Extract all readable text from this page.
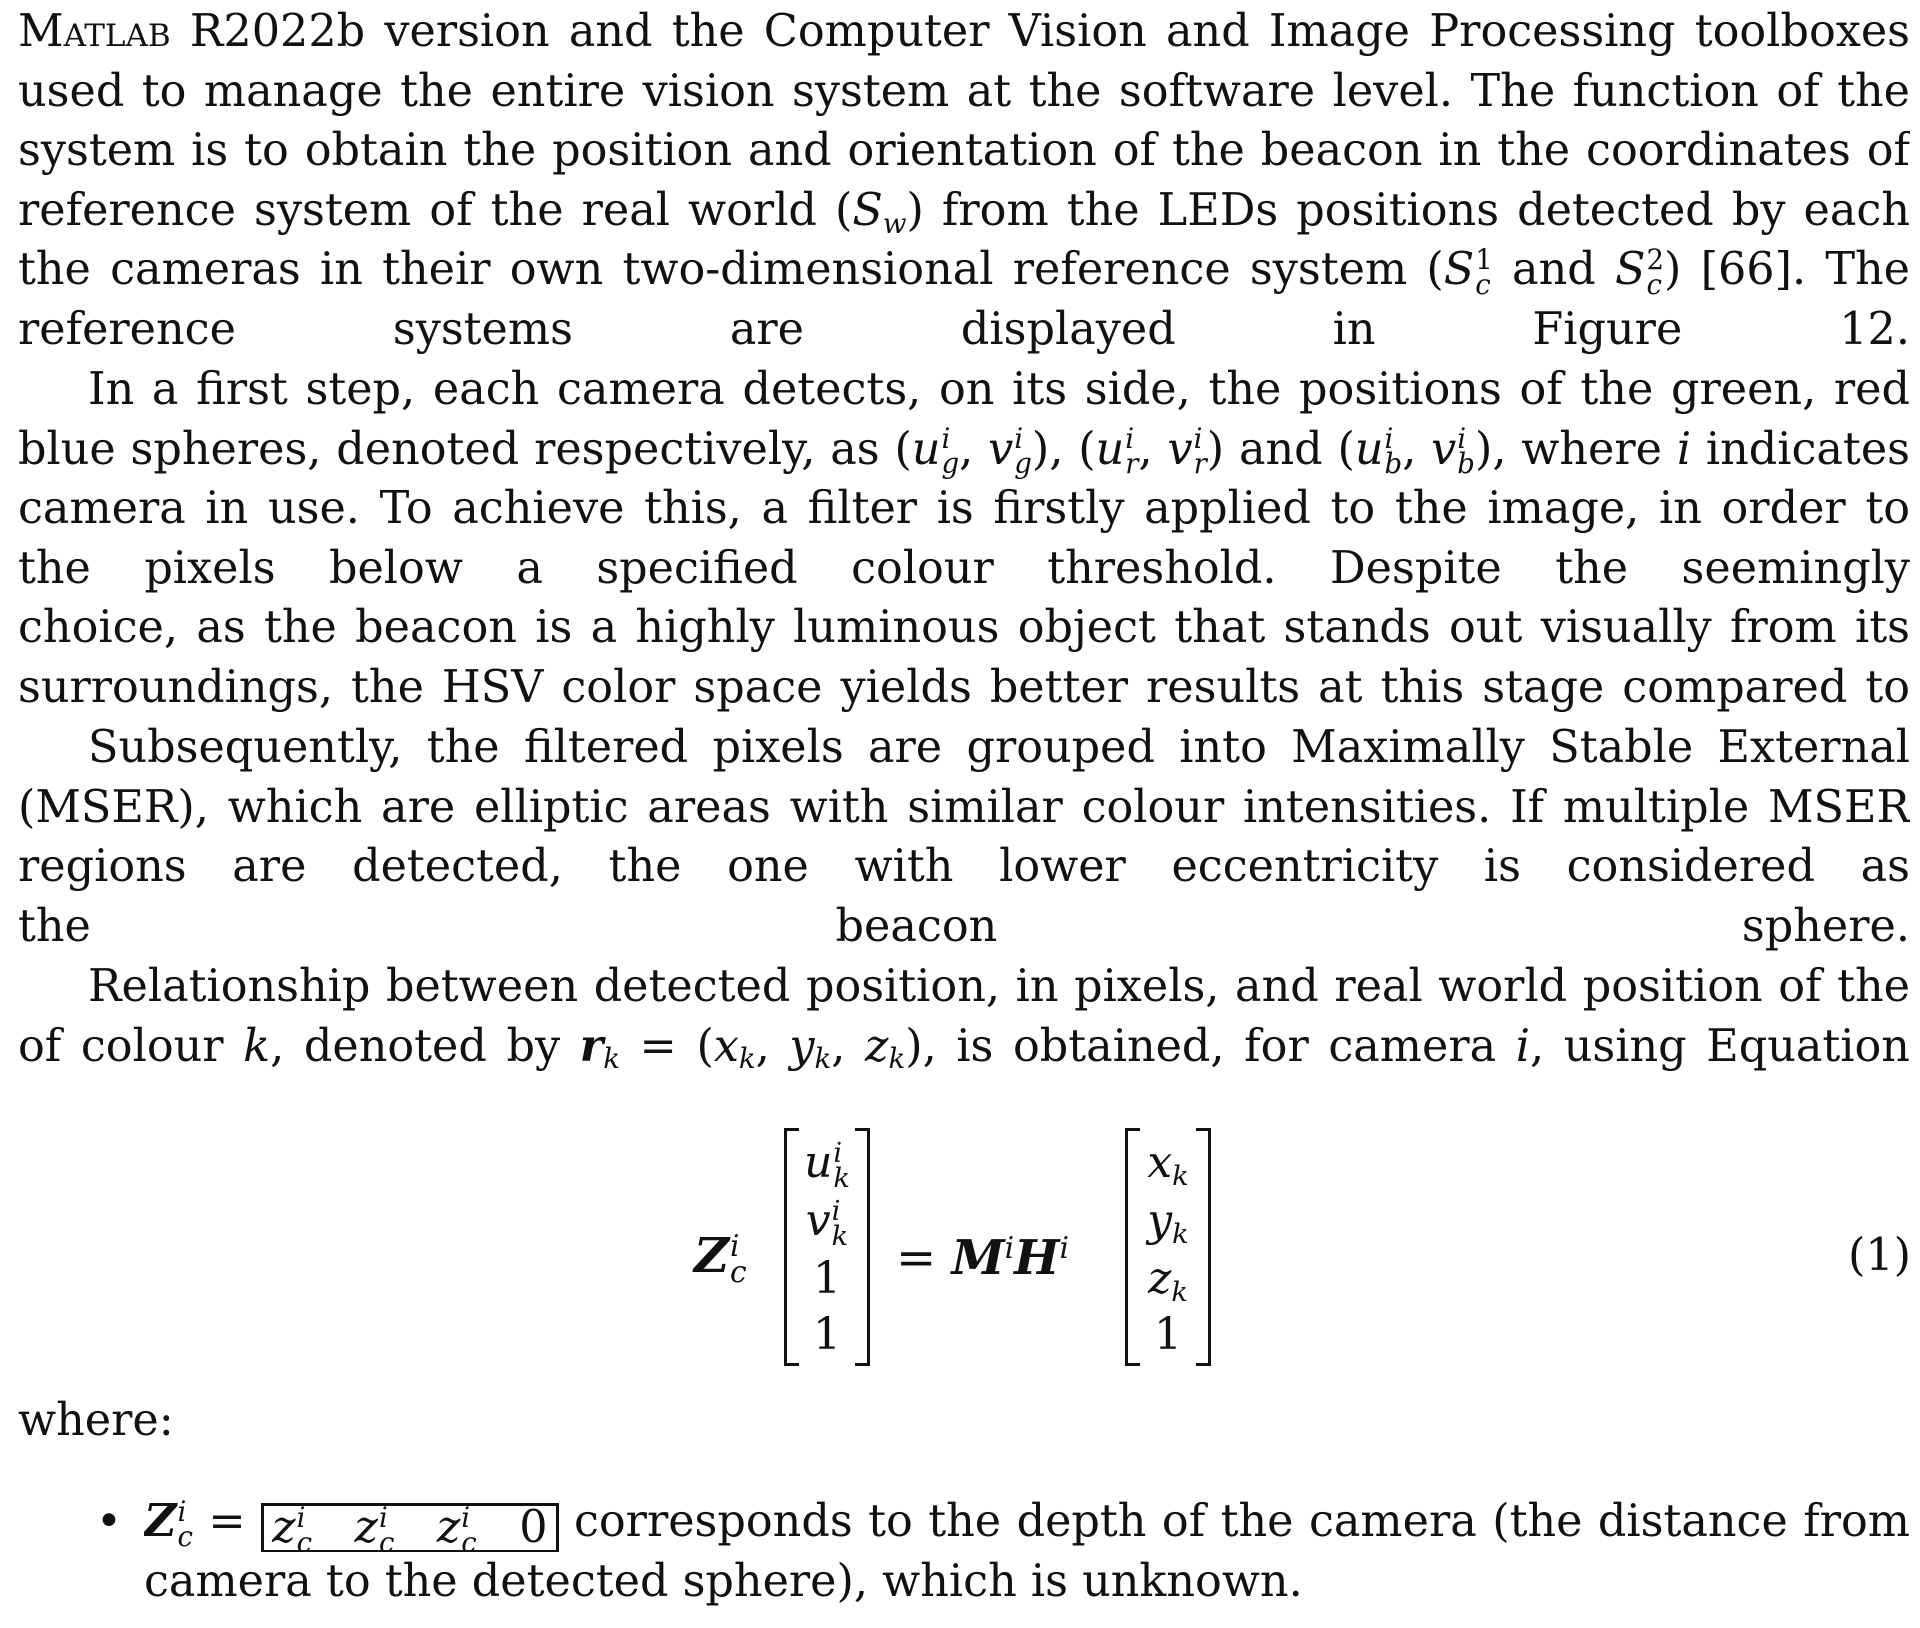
Matlab R2022b version and the Computer Vision and Image Processing toolboxes
used to manage the entire vision system at the software level. The function of the
system is to obtain the position and orientation of the beacon in the coordinates of
reference system of the real world $(S_w)$ from the LEDs positions detected by each
the cameras in their own two-dimensional reference system (S 1
c and S 2
c ) [66]. The
reference systems are displayed in Figure 12.
In a first step, each camera detects, on its side, the positions of the green, red
blue spheres, denoted respectively, as (u i
g , v i
g ), (u i
r , v i
r ) and (u i
b , v i
b ), where i indicates
camera in use. To achieve this, a filter is firstly applied to the image, in order to
the pixels below a specified colour threshold. Despite the seemingly
choice, as the beacon is a highly luminous object that stands out visually from its
surroundings, the HSV color space yields better results at this stage compared to
Subsequently, the filtered pixels are grouped into Maximally Stable External
(MSER), which are elliptic areas with similar colour intensities. If multiple MSER
regions are detected, the one with lower eccentricity is considered as
the beacon sphere.
Relationship between detected position, in pixels, and real world position of the
of colour k, denoted by $r_k = (x_k$, $y_k$, $z_k$), is obtained, for camera i, using Equation
Z i
c
u i
k
v i
k
1
1
= $M^iH^i$
$x_k$
$y_k$
$z_k$
1
(1)
where:
• Z i
c = z i
c z i
c z i
c 0 corresponds to the depth of the camera (the distance from
camera to the detected sphere), which is unknown.
